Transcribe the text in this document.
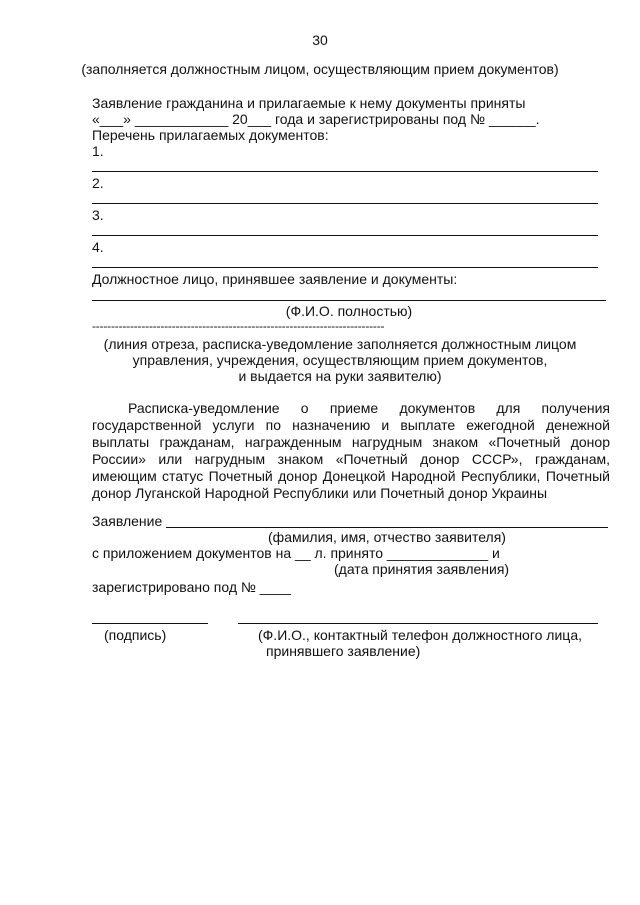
30
(заполняется должностным лицом, осуществляющим прием документов)
Заявление гражданина и прилагаемые к нему документы приняты
«___» ____________ 20___ года и зарегистрированы под № ______.
Перечень прилагаемых документов:
1.
2.
3.
4.
Должностное лицо, принявшее заявление и документы:
(Ф.И.О. полностью)
-----------------------------------------------------------------------------
(линия отреза, расписка-уведомление заполняется должностным лицом
управления, учреждения, осуществляющим прием документов,
и выдается на руки заявителю)
Расписка-уведомление о приеме документов для получения государственной услуги по назначению и выплате ежегодной денежной выплаты гражданам, награжденным нагрудным знаком «Почетный донор России» или нагрудным знаком «Почетный донор СССР», гражданам, имеющим статус Почетный донор Донецкой Народной Республики, Почетный донор Луганской Народной Республики или Почетный донор Украины
Заявление
(фамилия, имя, отчество заявителя)
с приложением документов на __ л. принято _____________ и
(дата принятия заявления)
зарегистрировано под № ____
(подпись)	(Ф.И.О., контактный телефон должностного лица,
принявшего заявление)
